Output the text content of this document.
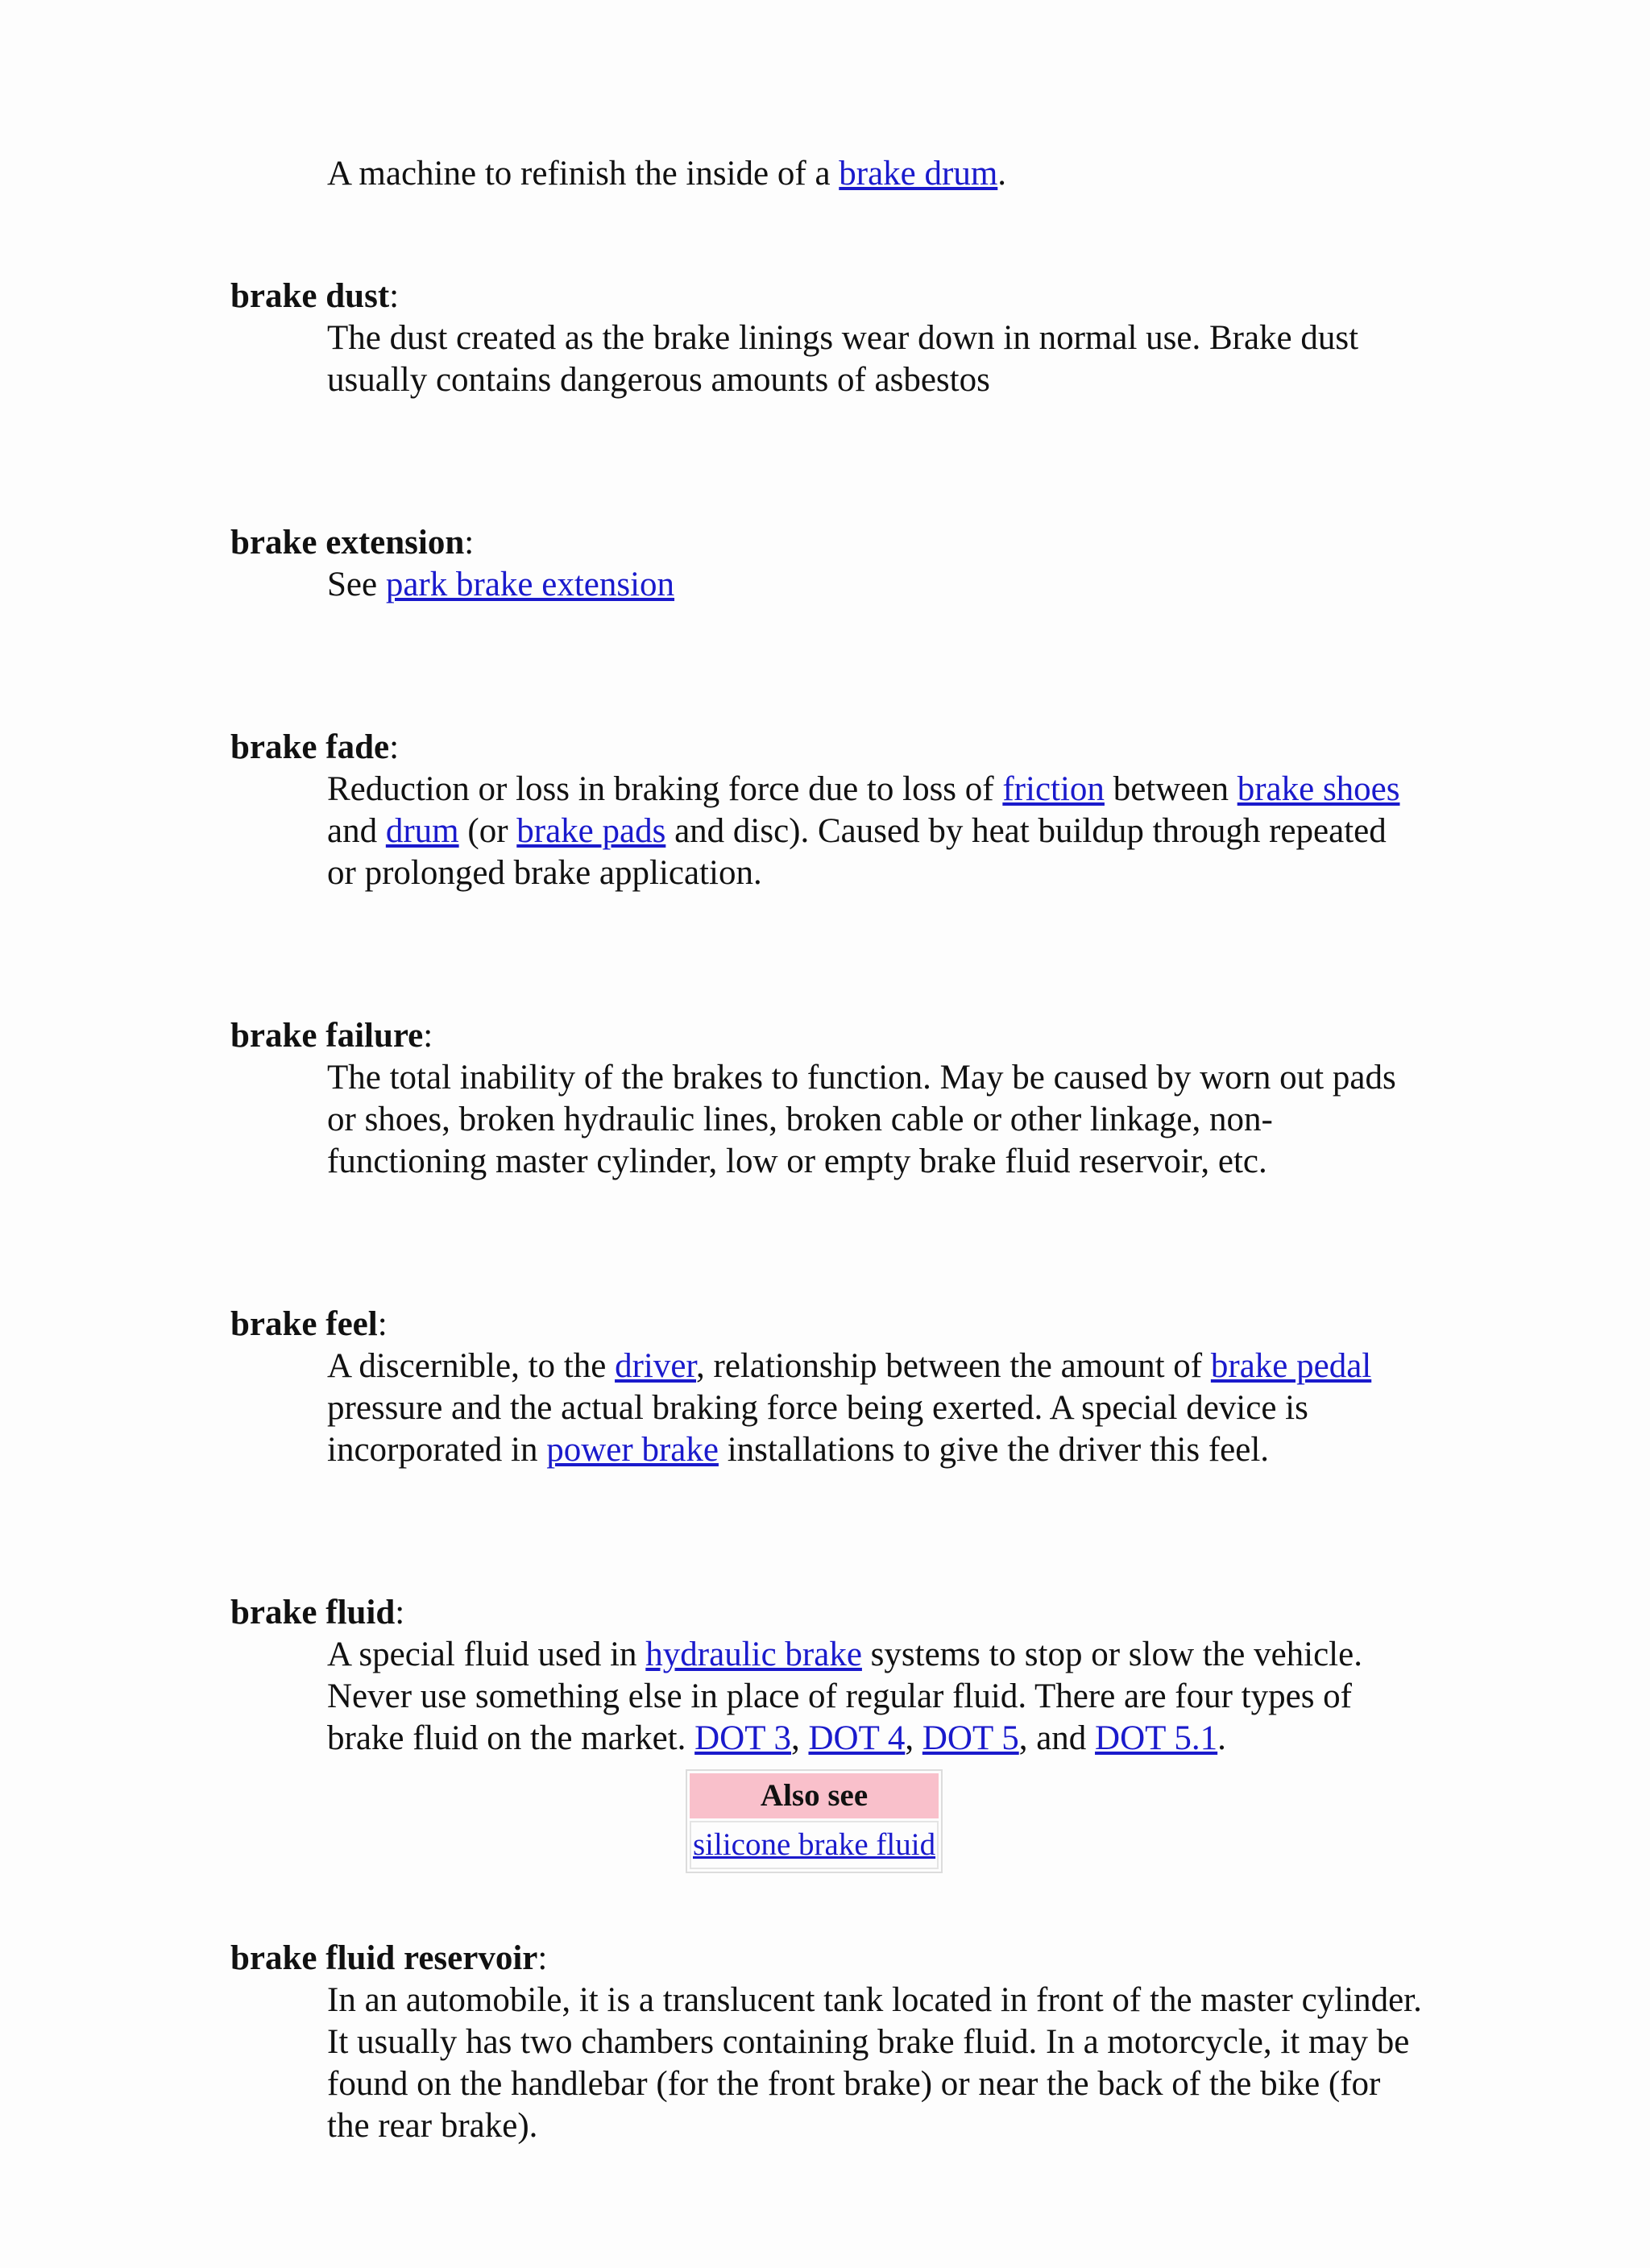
A machine to refinish the inside of a brake drum.
brake dust:
The dust created as the brake linings wear down in normal use. Brake dust usually contains dangerous amounts of asbestos
brake extension:
See park brake extension
brake fade:
Reduction or loss in braking force due to loss of friction between brake shoes and drum (or brake pads and disc). Caused by heat buildup through repeated or prolonged brake application.
brake failure:
The total inability of the brakes to function. May be caused by worn out pads or shoes, broken hydraulic lines, broken cable or other linkage, non-functioning master cylinder, low or empty brake fluid reservoir, etc.
brake feel:
A discernible, to the driver, relationship between the amount of brake pedal pressure and the actual braking force being exerted. A special device is incorporated in power brake installations to give the driver this feel.
brake fluid:
A special fluid used in hydraulic brake systems to stop or slow the vehicle. Never use something else in place of regular fluid. There are four types of brake fluid on the market. DOT 3, DOT 4, DOT 5, and DOT 5.1.
Also see
silicone brake fluid
brake fluid reservoir:
In an automobile, it is a translucent tank located in front of the master cylinder. It usually has two chambers containing brake fluid. In a motorcycle, it may be found on the handlebar (for the front brake) or near the back of the bike (for the rear brake).
